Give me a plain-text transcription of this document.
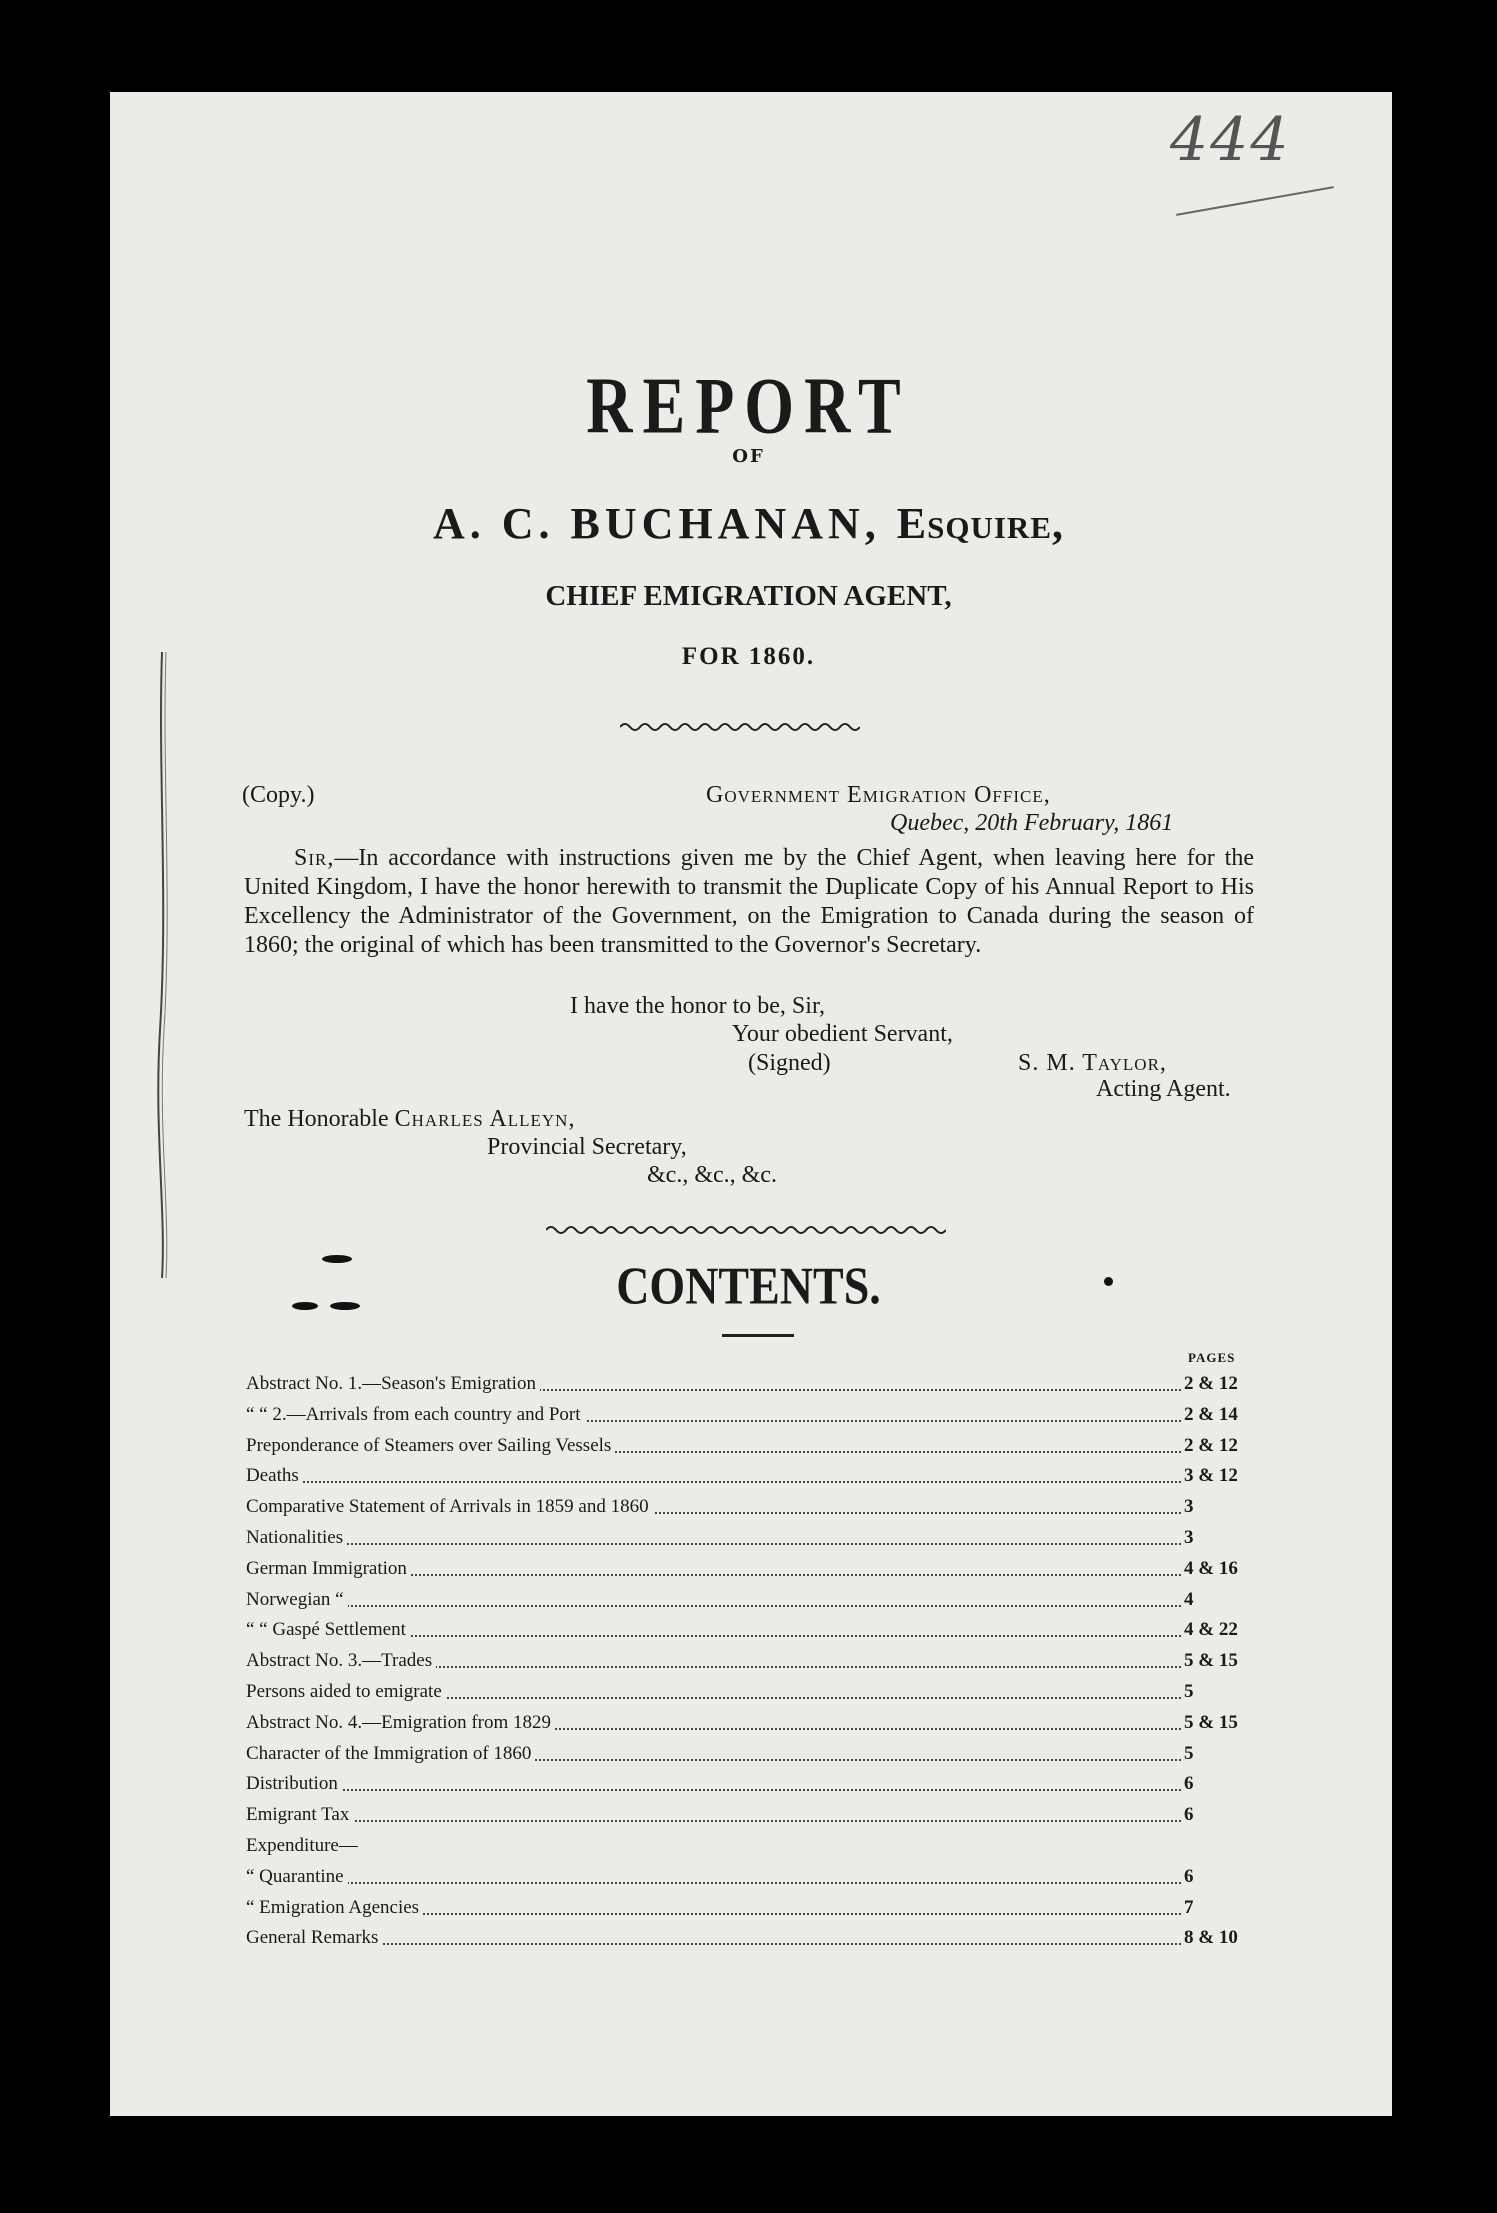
444
REPORT
OF
A. C. BUCHANAN, Esquire,
CHIEF EMIGRATION AGENT,
FOR 1860.
(Copy.)	Government Emigration Office,
Quebec, 20th February, 1861
Sir,—In accordance with instructions given me by the Chief Agent, when leaving here for the United Kingdom, I have the honor herewith to transmit the Duplicate Copy of his Annual Report to His Excellency the Administrator of the Government, on the Emigration to Canada during the season of 1860; the original of which has been transmitted to the Governor's Secretary.
I have the honor to be, Sir,
Your obedient Servant,
(Signed)	S. M. Taylor,
Acting Agent.
The Honorable Charles Alleyn,
Provincial Secretary,
&c., &c., &c.
CONTENTS.
PAGES
Abstract No. 1.—Season's Emigration	2 & 12
“ “ 2.—Arrivals from each country and Port	2 & 14
Preponderance of Steamers over Sailing Vessels	2 & 12
Deaths	3 & 12
Comparative Statement of Arrivals in 1859 and 1860	3
Nationalities	3
German Immigration	4 & 16
Norwegian “	4
“ “ Gaspé Settlement	4 & 22
Abstract No. 3.—Trades	5 & 15
Persons aided to emigrate	5
Abstract No. 4.—Emigration from 1829	5 & 15
Character of the Immigration of 1860	5
Distribution	6
Emigrant Tax	6
Expenditure—
“ Quarantine	6
“ Emigration Agencies	7
General Remarks	8 & 10
